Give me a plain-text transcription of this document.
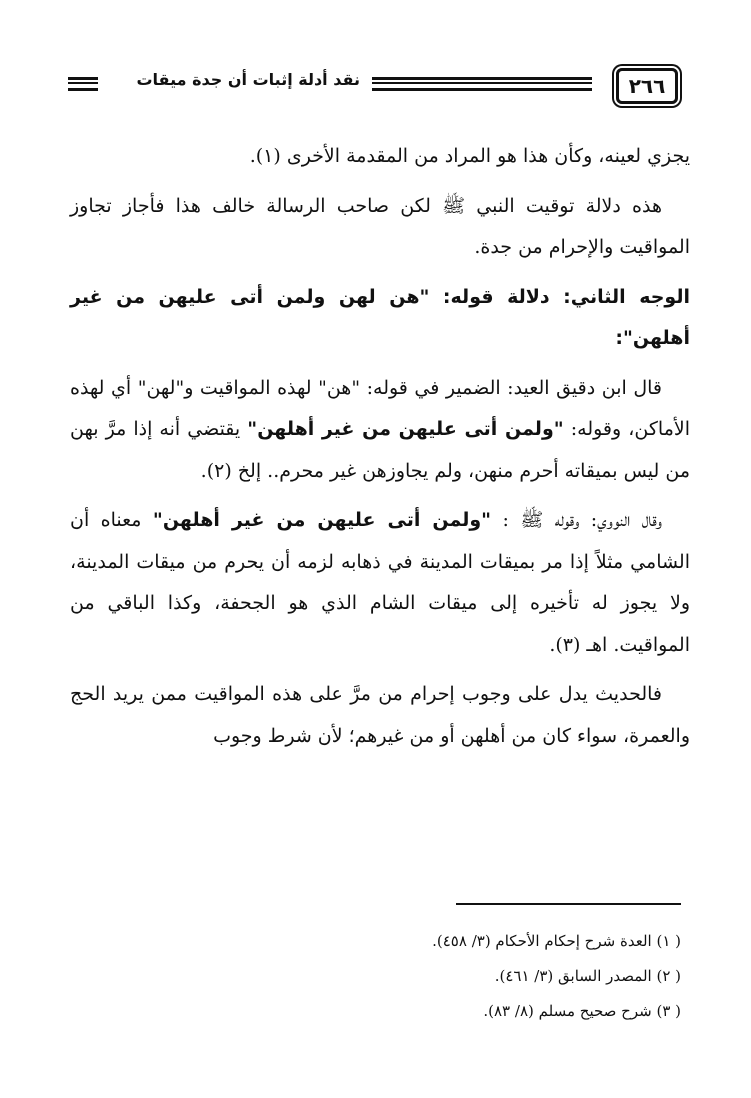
٢٦٦
نقد أدلة إثبات أن جدة ميقات

يجزي لعينه، وكأن هذا هو المراد من المقدمة الأخرى (١).

هذه دلالة توقيت النبي ﷺ لكن صاحب الرسالة خالف هذا فأجاز تجاوز المواقيت والإحرام من جدة.

الوجه الثاني: دلالة قوله: "هن لهن ولمن أتى عليهن من غير أهلهن":

قال ابن دقيق العيد: الضمير في قوله: "هن" لهذه المواقيت و"لهن" أي لهذه الأماكن، وقوله: "ولمن أتى عليهن من غير أهلهن" يقتضي أنه إذا مرَّ بهن من ليس بميقاته أحرم منهن، ولم يجاوزهن غير محرم.. إلخ (٢).

وقال النووي: وقوله ﷺ : "ولمن أتى عليهن من غير أهلهن" معناه أن الشامي مثلاً إذا مر بميقات المدينة في ذهابه لزمه أن يحرم من ميقات المدينة، ولا يجوز له تأخيره إلى ميقات الشام الذي هو الجحفة، وكذا الباقي من المواقيت. اهـ (٣).

فالحديث يدل على وجوب إحرام من مرَّ على هذه المواقيت ممن يريد الحج والعمرة، سواء كان من أهلهن أو من غيرهم؛ لأن شرط وجوب

( ١) العدة شرح إحكام الأحكام (٣/ ٤٥٨).
( ٢) المصدر السابق (٣/ ٤٦١).
( ٣) شرح صحيح مسلم (٨/ ٨٣).
